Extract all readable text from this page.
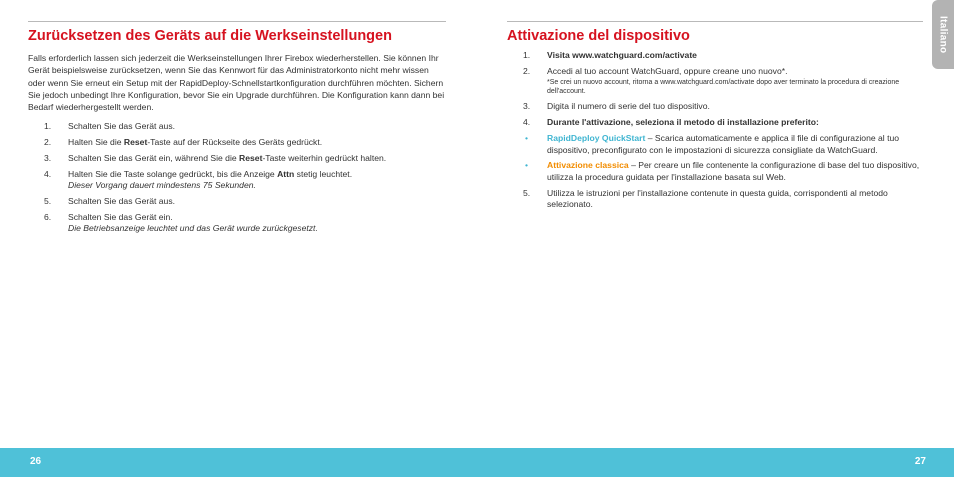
Zurücksetzen des Geräts auf die Werkseinstellungen

Falls erforderlich lassen sich jederzeit die Werkseinstellungen Ihrer Firebox wiederherstellen. Sie können Ihr Gerät beispielsweise zurücksetzen, wenn Sie das Kennwort für das Administratorkonto nicht mehr wissen oder wenn Sie erneut ein Setup mit der RapidDeploy-Schnellstartkonfiguration durchführen möchten. Sichern Sie jedoch unbedingt Ihre Konfiguration, bevor Sie ein Upgrade durchführen. Die Konfiguration kann dann bei Bedarf wiederhergestellt werden.

1. Schalten Sie das Gerät aus.
2. Halten Sie die Reset-Taste auf der Rückseite des Geräts gedrückt.
3. Schalten Sie das Gerät ein, während Sie die Reset-Taste weiterhin gedrückt halten.
4. Halten Sie die Taste solange gedrückt, bis die Anzeige Attn stetig leuchtet.
Dieser Vorgang dauert mindestens 75 Sekunden.
5. Schalten Sie das Gerät aus.
6. Schalten Sie das Gerät ein.
Die Betriebsanzeige leuchtet und das Gerät wurde zurückgesetzt.
Attivazione del dispositivo
1. Visita www.watchguard.com/activate
2. Accedi al tuo account WatchGuard, oppure creane uno nuovo*.
*Se crei un nuovo account, ritorna a www.watchguard.com/activate dopo aver terminato la procedura di creazione dell'account.
3. Digita il numero di serie del tuo dispositivo.
4. Durante l'attivazione, seleziona il metodo di installazione preferito:
• RapidDeploy QuickStart – Scarica automaticamente e applica il file di configurazione al tuo dispositivo, preconfigurato con le impostazioni di sicurezza consigliate da WatchGuard.
• Attivazione classica – Per creare un file contenente la configurazione di base del tuo dispositivo, utilizza la procedura guidata per l'installazione basata sul Web.
5. Utilizza le istruzioni per l'installazione contenute in questa guida, corrispondenti al metodo selezionato.
Italiano
26	27
